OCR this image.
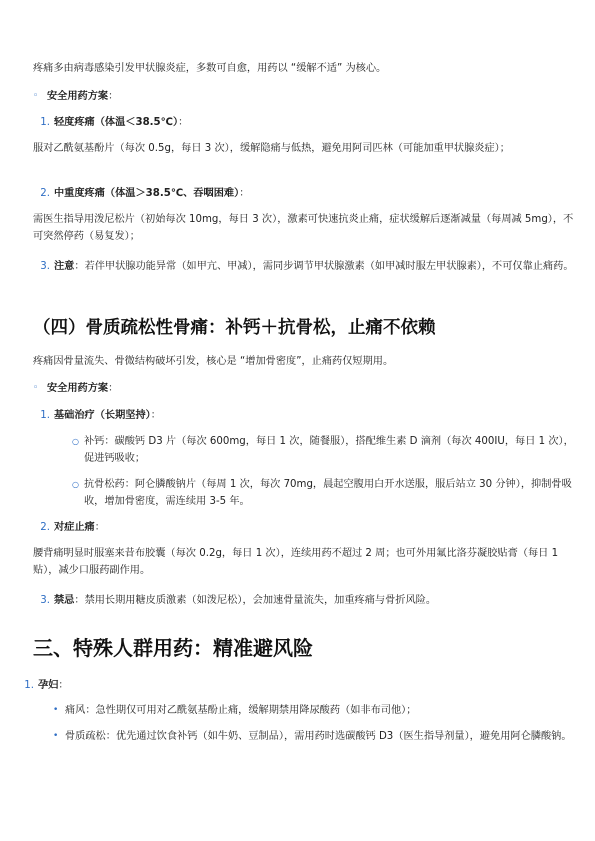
疼痛多由病毒感染引发甲状腺炎症，多数可自愈，用药以 “缓解不适” 为核心。

◦ 安全用药方案：
1. 轻度疼痛（体温＜38.5℃）：

服对乙酰氨基酚片（每次 0.5g，每日 3 次），缓解隐痛与低热，避免用阿司匹林（可能加重甲状腺炎症）；

2. 中重度疼痛（体温＞38.5℃、吞咽困难）：

需医生指导用泼尼松片（初始每次 10mg，每日 3 次），激素可快速抗炎止痛，症状缓解后逐渐减量（每周减 5mg），不可突然停药（易复发）；

3. 注意：若伴甲状腺功能异常（如甲亢、甲减），需同步调节甲状腺激素（如甲减时服左甲状腺素），不可仅靠止痛药。
（四）骨质疏松性骨痛：补钙＋抗骨松，止痛不依赖

疼痛因骨量流失、骨微结构破坏引发，核心是 “增加骨密度”，止痛药仅短期用。

◦ 安全用药方案：
1. 基础治疗（长期坚持）：
○ 补钙：碳酸钙 D3 片（每次 600mg，每日 1 次，随餐服），搭配维生素 D 滴剂（每次 400IU，每日 1 次），促进钙吸收；
○ 抗骨松药：阿仑膦酸钠片（每周 1 次，每次 70mg，晨起空腹用白开水送服，服后站立 30 分钟），抑制骨吸收，增加骨密度，需连续用 3-5 年。
2. 对症止痛：

腰背痛明显时服塞来昔布胶囊（每次 0.2g，每日 1 次），连续用药不超过 2 周；也可外用氟比洛芬凝胶贴膏（每日 1 贴），减少口服药副作用。

3. 禁忌：禁用长期用糖皮质激素（如泼尼松），会加速骨量流失，加重疼痛与骨折风险。
三、特殊人群用药：精准避风险
1. 孕妇：
• 痛风：急性期仅可用对乙酰氨基酚止痛，缓解期禁用降尿酸药（如非布司他）；
• 骨质疏松：优先通过饮食补钙（如牛奶、豆制品），需用药时选碳酸钙 D3（医生指导剂量），避免用阿仑膦酸钠。
